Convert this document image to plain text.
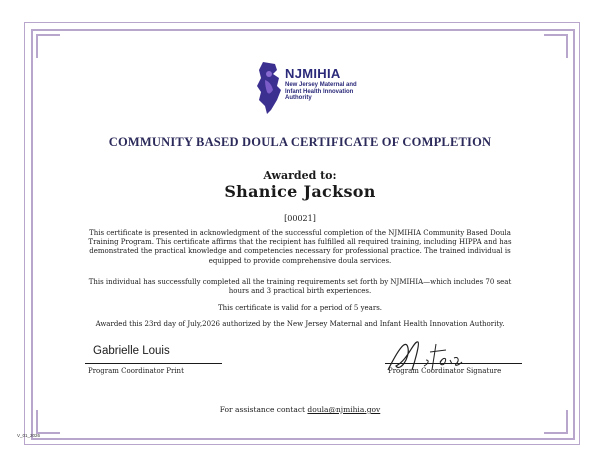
NJMIHIA
New Jersey Maternal and Infant Health Innovation Authority
COMMUNITY BASED DOULA CERTIFICATE OF COMPLETION
Awarded to:
Shanice Jackson
[00021]
This certificate is presented in acknowledgment of the successful completion of the NJMIHIA Community Based Doula Training Program. This certificate affirms that the recipient has fulfilled all required training, including HIPPA and has demonstrated the practical knowledge and competencies necessary for professional practice. The trained individual is equipped to provide comprehensive doula services.
This individual has successfully completed all the training requirements set forth by NJMIHIA—which includes 70 seat hours and 3 practical birth experiences.
This certificate is valid for a period of 5 years.
Awarded this 23rd day of July,2026 authorized by the New Jersey Maternal and Infant Health Innovation Authority.
Gabrielle Louis
Program Coordinator Print	Program Coordinator Signature
For assistance contact doula@njmihia.gov
V_01_2026
